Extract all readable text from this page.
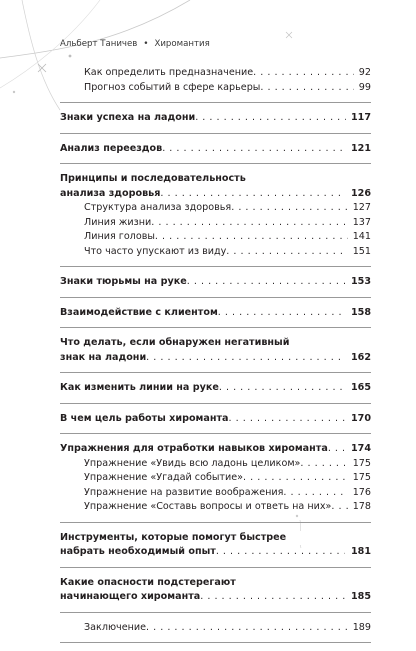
Альберт Таничев • Хиромантия
Как определить предназначение . . .	92
Прогноз событий в сфере карьеры . . .	99
Знаки успеха на ладони . . .	117
Анализ переездов . . .	121
Принципы и последовательность
анализа здоровья . . .	126
Структура анализа здоровья . . .	127
Линия жизни . . .	137
Линия головы . . .	141
Что часто упускают из виду . . .	151
Знаки тюрьмы на руке . . .	153
Взаимодействие с клиентом . . .	158
Что делать, если обнаружен негативный
знак на ладони . . .	162
Как изменить линии на руке . . .	165
В чем цель работы хироманта . . .	170
Упражнения для отработки навыков хироманта . . .	174
Упражнение «Увидь всю ладонь целиком» . . .	175
Упражнение «Угадай событие» . . .	175
Упражнение на развитие воображения . . .	176
Упражнение «Составь вопросы и ответь на них» . . .	178
Инструменты, которые помогут быстрее
набрать необходимый опыт . . .	181
Какие опасности подстерегают
начинающего хироманта . . .	185
Заключение . . .	189
